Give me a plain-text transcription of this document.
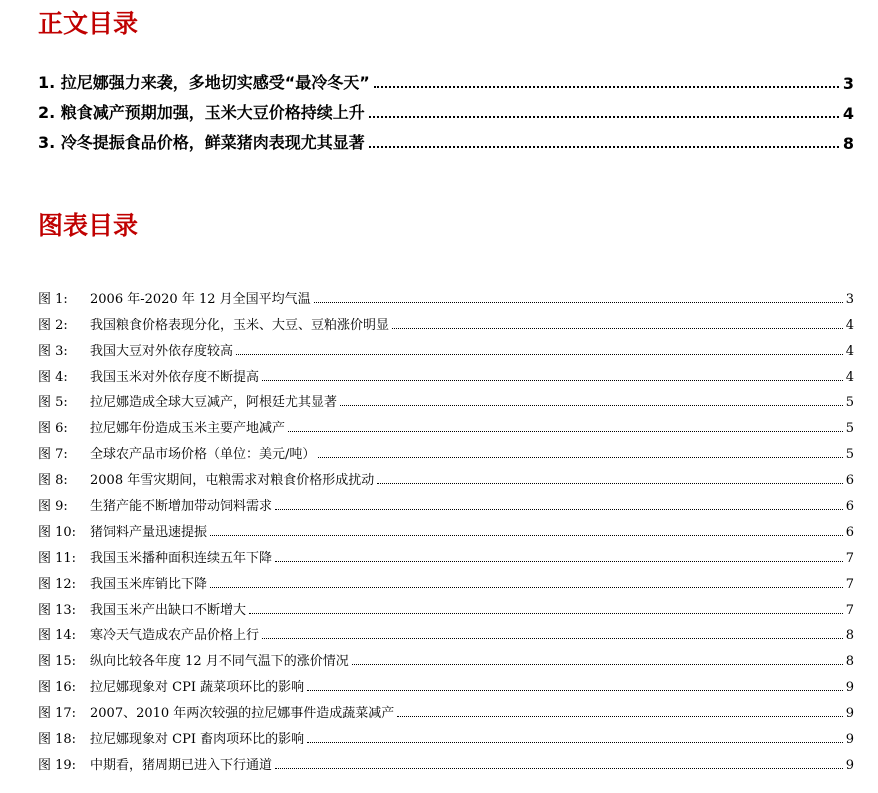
正文目录
1. 拉尼娜强力来袭，多地切实感受“最冷冬天”	3
2. 粮食减产预期加强，玉米大豆价格持续上升	4
3. 冷冬提振食品价格，鲜菜猪肉表现尤其显著	8
图表目录
图 1:	2006 年-2020 年 12 月全国平均气温	3
图 2:	我国粮食价格表现分化，玉米、大豆、豆粕涨价明显	4
图 3:	我国大豆对外依存度较高	4
图 4:	我国玉米对外依存度不断提高	4
图 5:	拉尼娜造成全球大豆减产，阿根廷尤其显著	5
图 6:	拉尼娜年份造成玉米主要产地减产	5
图 7:	全球农产品市场价格（单位：美元/吨）	5
图 8:	2008 年雪灾期间，屯粮需求对粮食价格形成扰动	6
图 9:	生猪产能不断增加带动饲料需求	6
图 10:	猪饲料产量迅速提振	6
图 11:	我国玉米播种面积连续五年下降	7
图 12:	我国玉米库销比下降	7
图 13:	我国玉米产出缺口不断增大	7
图 14:	寒冷天气造成农产品价格上行	8
图 15:	纵向比较各年度 12 月不同气温下的涨价情况	8
图 16:	拉尼娜现象对 CPI 蔬菜项环比的影响	9
图 17:	2007、2010 年两次较强的拉尼娜事件造成蔬菜减产	9
图 18:	拉尼娜现象对 CPI 畜肉项环比的影响	9
图 19:	中期看，猪周期已进入下行通道	9
